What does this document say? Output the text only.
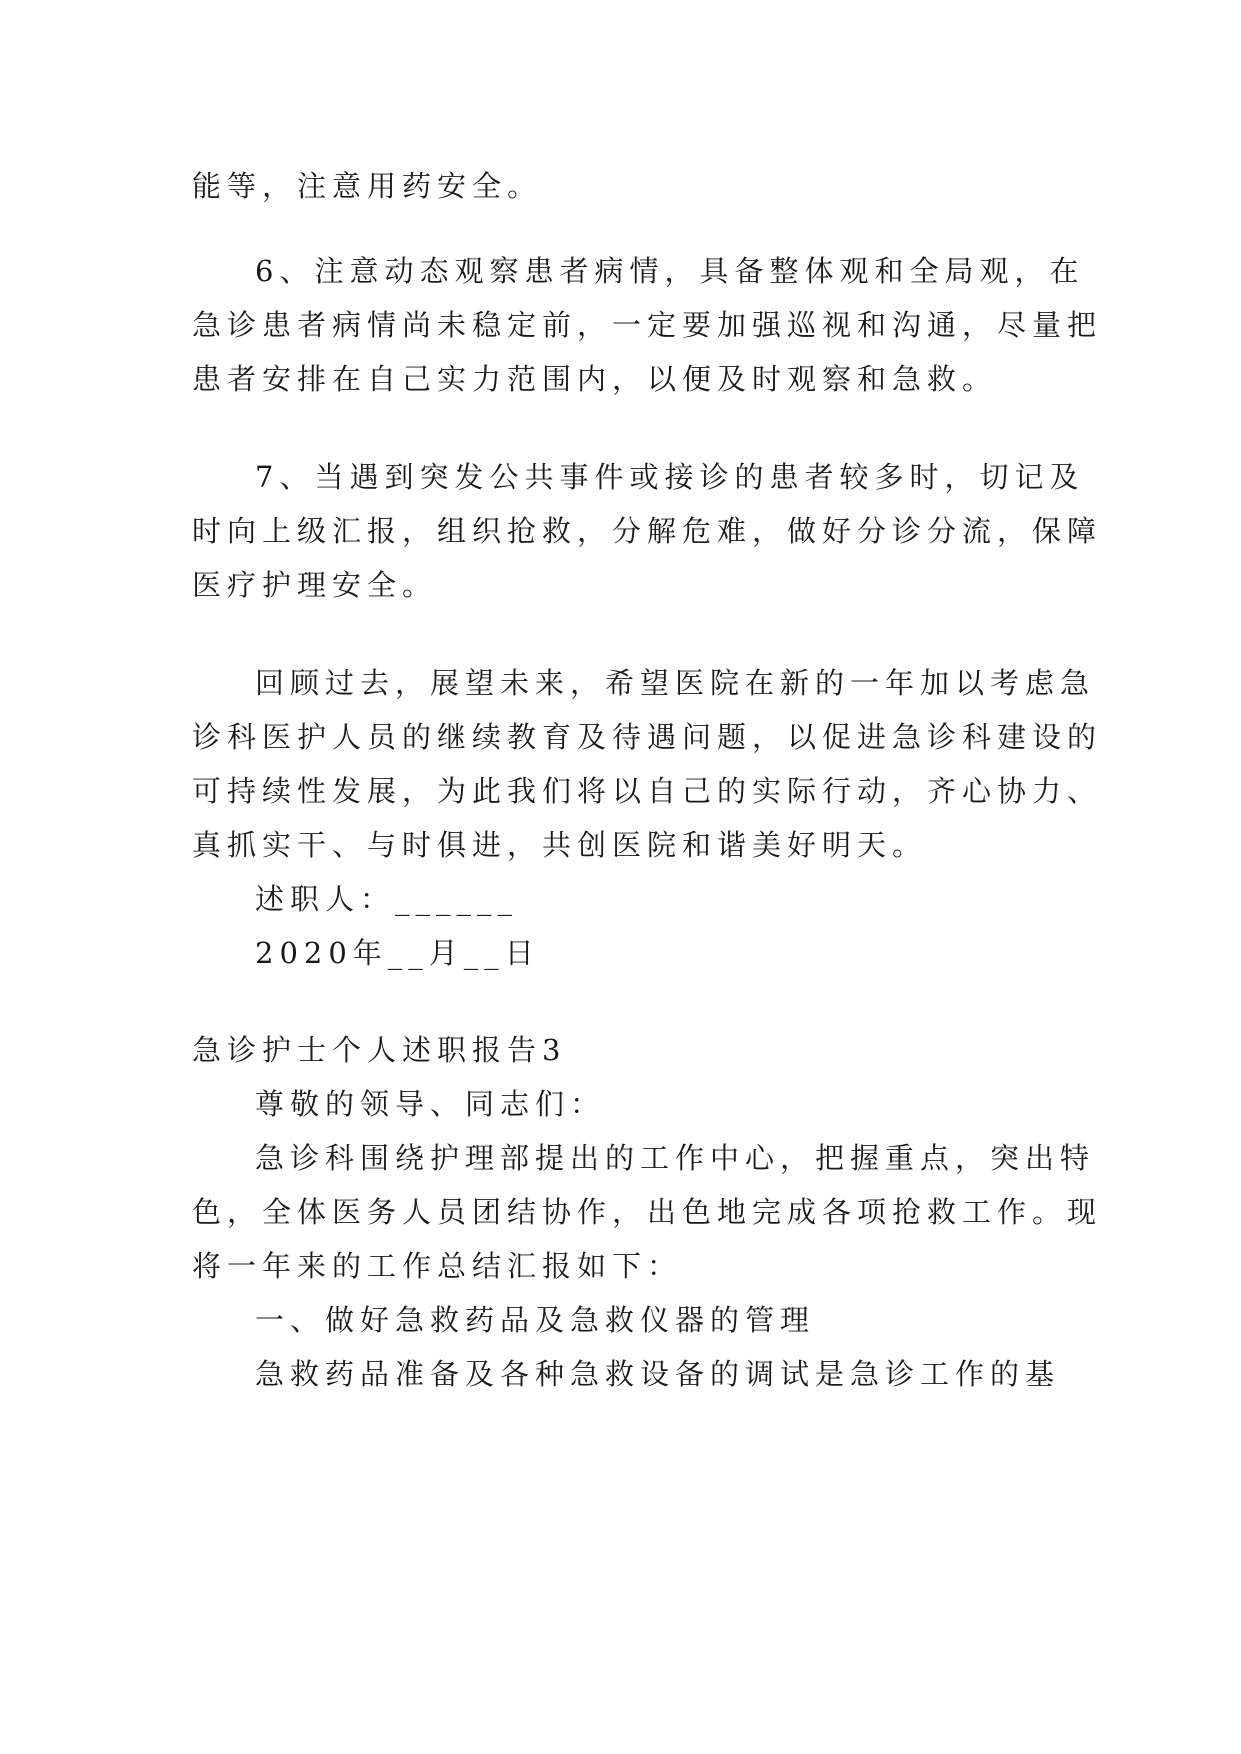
能等，注意用药安全。
6、注意动态观察患者病情，具备整体观和全局观，在
急诊患者病情尚未稳定前，一定要加强巡视和沟通，尽量把
患者安排在自己实力范围内，以便及时观察和急救。
7、当遇到突发公共事件或接诊的患者较多时，切记及
时向上级汇报，组织抢救，分解危难，做好分诊分流，保障
医疗护理安全。
回顾过去，展望未来，希望医院在新的一年加以考虑急
诊科医护人员的继续教育及待遇问题，以促进急诊科建设的
可持续性发展，为此我们将以自己的实际行动，齐心协力、
真抓实干、与时俱进，共创医院和谐美好明天。
述职人：______
2020年__月__日
急诊护士个人述职报告3
尊敬的领导、同志们：
急诊科围绕护理部提出的工作中心，把握重点，突出特
色，全体医务人员团结协作，出色地完成各项抢救工作。现
将一年来的工作总结汇报如下：
一、做好急救药品及急救仪器的管理
急救药品准备及各种急救设备的调试是急诊工作的基
